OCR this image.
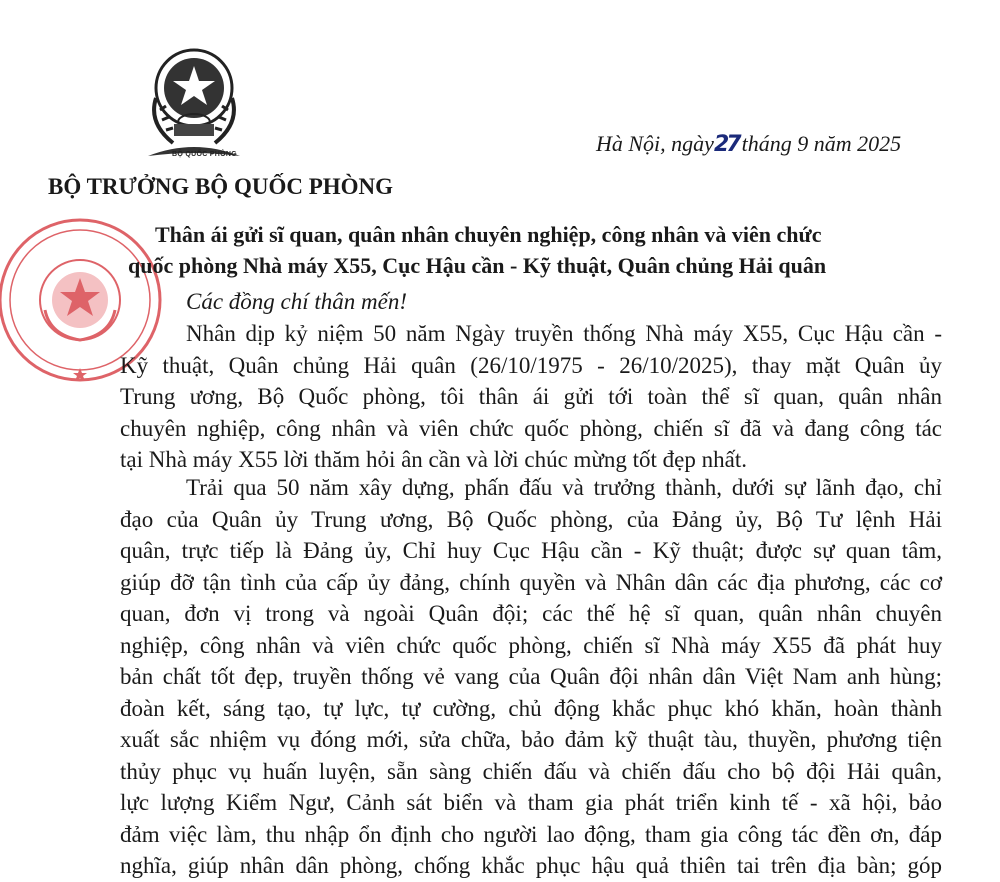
BỘ QUỐC PHÒNG	Hà Nội, ngày27 tháng 9 năm 2025
BỘ TRƯỞNG BỘ QUỐC PHÒNG
Thân ái gửi sĩ quan, quân nhân chuyên nghiệp, công nhân và viên chức
quốc phòng Nhà máy X55, Cục Hậu cần - Kỹ thuật, Quân chủng Hải quân
Các đồng chí thân mến!
Nhân dịp kỷ niệm 50 năm Ngày truyền thống Nhà máy X55, Cục Hậu cần -
Kỹ thuật, Quân chủng Hải quân (26/10/1975 - 26/10/2025), thay mặt Quân ủy
Trung ương, Bộ Quốc phòng, tôi thân ái gửi tới toàn thể sĩ quan, quân nhân
chuyên nghiệp, công nhân và viên chức quốc phòng, chiến sĩ đã và đang công tác
tại Nhà máy X55 lời thăm hỏi ân cần và lời chúc mừng tốt đẹp nhất.
Trải qua 50 năm xây dựng, phấn đấu và trưởng thành, dưới sự lãnh đạo, chỉ
đạo của Quân ủy Trung ương, Bộ Quốc phòng, của Đảng ủy, Bộ Tư lệnh Hải
quân, trực tiếp là Đảng ủy, Chỉ huy Cục Hậu cần - Kỹ thuật; được sự quan tâm,
giúp đỡ tận tình của cấp ủy đảng, chính quyền và Nhân dân các địa phương, các cơ
quan, đơn vị trong và ngoài Quân đội; các thế hệ sĩ quan, quân nhân chuyên
nghiệp, công nhân và viên chức quốc phòng, chiến sĩ Nhà máy X55 đã phát huy
bản chất tốt đẹp, truyền thống vẻ vang của Quân đội nhân dân Việt Nam anh hùng;
đoàn kết, sáng tạo, tự lực, tự cường, chủ động khắc phục khó khăn, hoàn thành
xuất sắc nhiệm vụ đóng mới, sửa chữa, bảo đảm kỹ thuật tàu, thuyền, phương tiện
thủy phục vụ huấn luyện, sẵn sàng chiến đấu và chiến đấu cho bộ đội Hải quân,
lực lượng Kiểm Ngư, Cảnh sát biển và tham gia phát triển kinh tế - xã hội, bảo
đảm việc làm, thu nhập ổn định cho người lao động, tham gia công tác đền ơn, đáp
nghĩa, giúp nhân dân phòng, chống khắc phục hậu quả thiên tai trên địa bàn; góp
